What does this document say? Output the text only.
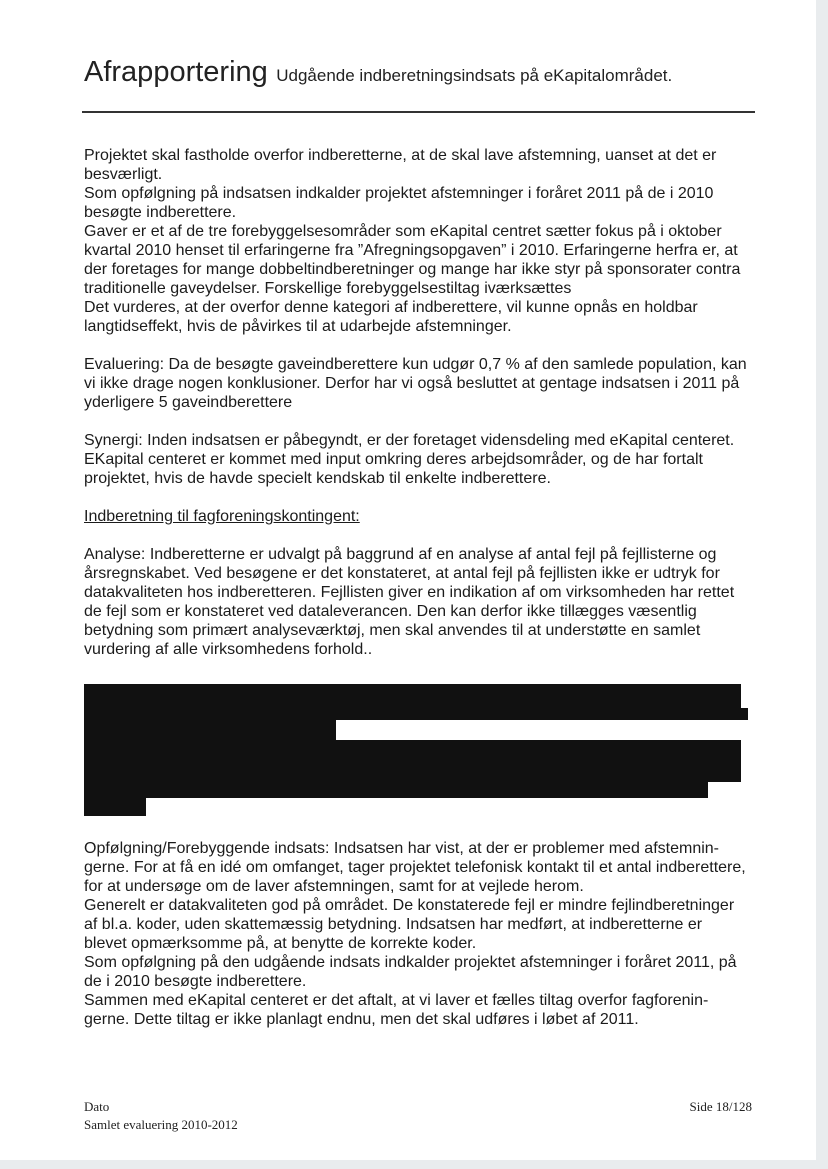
Afrapportering Udgående indberetningsindsats på eKapitalområdet.

Projektet skal fastholde overfor indberetterne, at de skal lave afstemning, uanset at det er besværligt.

Som opfølgning på indsatsen indkalder projektet afstemninger i foråret 2011 på de i 2010 besøgte indberettere.

Gaver er et af de tre forebyggelsesområder som eKapital centret sætter fokus på i oktober kvartal 2010 henset til erfaringerne fra ”Afregningsopgaven” i 2010. Erfaringerne herfra er, at der foretages for mange dobbeltindberetninger og mange har ikke styr på sponsorater contra traditionelle gaveydelser. Forskellige forebyggelsestiltag iværksættes

Det vurderes, at der overfor denne kategori af indberettere, vil kunne opnås en holdbar langtidseffekt, hvis de påvirkes til at udarbejde afstemninger.

Evaluering: Da de besøgte gaveindberettere kun udgør 0,7 % af den samlede population, kan vi ikke drage nogen konklusioner. Derfor har vi også besluttet at gentage indsatsen i 2011 på yderligere 5 gaveindberettere

Synergi: Inden indsatsen er påbegyndt, er der foretaget vidensdeling med eKapital centeret. EKapital centeret er kommet med input omkring deres arbejdsområder, og de har fortalt projektet, hvis de havde specielt kendskab til enkelte indberettere.

Indberetning til fagforeningskontingent:

Analyse: Indberetterne er udvalgt på baggrund af en analyse af antal fejl på fejllisterne og årsregnskabet. Ved besøgene er det konstateret, at antal fejl på fejllisten ikke er udtryk for datakvaliteten hos indberetteren. Fejllisten giver en indikation af om virksomheden har rettet de fejl som er konstateret ved dataleverancen. Den kan derfor ikke tillægges væsentlig betydning som primært analyseværktøj, men skal anvendes til at understøtte en samlet vurdering af alle virksomhedens forhold..

Opfølgning/Forebyggende indsats: Indsatsen har vist, at der er problemer med afstemningerne. For at få en idé om omfanget, tager projektet telefonisk kontakt til et antal indberettere, for at undersøge om de laver afstemningen, samt for at vejlede herom.

Generelt er datakvaliteten god på området. De konstaterede fejl er mindre fejlindberetninger af bl.a. koder, uden skattemæssig betydning. Indsatsen har medført, at indberetterne er blevet opmærksomme på, at benytte de korrekte koder.

Som opfølgning på den udgående indsats indkalder projektet afstemninger i foråret 2011, på de i 2010 besøgte indberettere.

Sammen med eKapital centeret er det aftalt, at vi laver et fælles tiltag overfor fagforeningerne. Dette tiltag er ikke planlagt endnu, men det skal udføres i løbet af 2011.

Dato
Samlet evaluering 2010-2012
Side 18/128
